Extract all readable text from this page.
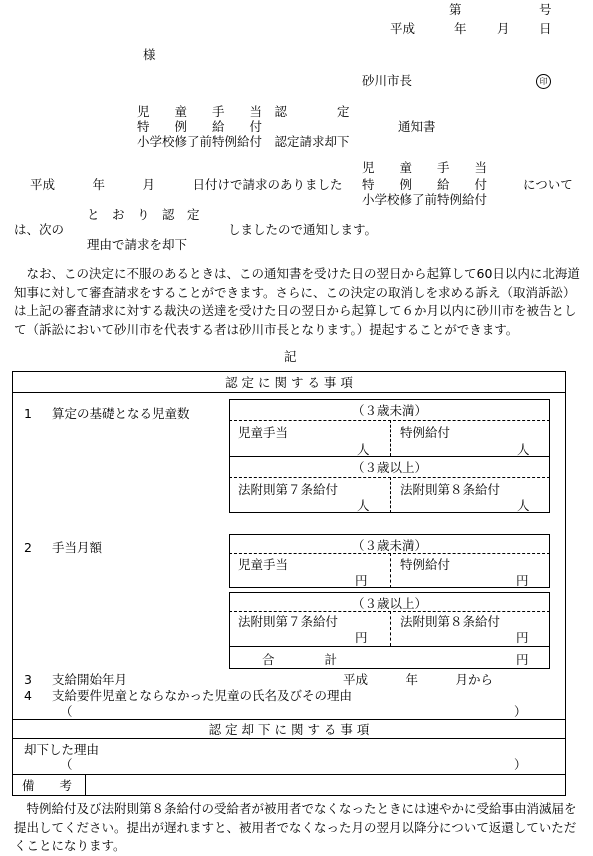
第	号
平成	年 月 日
様
砂川市長	印
児　　童　　手　　当　認　　　　定
特　　例　　給　　付	通知書
小学校修了前特例給付　認定請求却下
児　　童　　手　　当
平成　　　年　　　月　　　日付けで請求のありました 特　　例　　給　　付	について
小学校修了前特例給付
と　お　り　認　定
は、次の	しましたので通知します。
理由で請求を却下
　なお、この決定に不服のあるときは、この通知書を受けた日の翌日から起算して60日以内に北海道知事に対して審査請求をすることができます。さらに、この決定の取消しを求める訴え（取消訴訟）は上記の審査請求に対する裁決の送達を受けた日の翌日から起算して６か月以内に砂川市を被告として（訴訟において砂川市を代表する者は砂川市長となります。）提起することができます。
記
認 定 に 関 す る 事 項
1 算定の基礎となる児童数	（３歳未満）
児童手当	特例給付
人	人
（３歳以上）
法附則第７条給付	法附則第８条給付
人	人
2 手当月額	（３歳未満）
児童手当	特例給付
円	円
（３歳以上）
法附則第７条給付	法附則第８条給付
円	円
合　　　　計	円
3 支給開始年月	平成　　　年　　　月から
4 支給要件児童とならなかった児童の氏名及びその理由
（	）
認 定 却 下 に 関 す る 事 項
却下した理由
（	）
備　　考
　特例給付及び法附則第８条給付の受給者が被用者でなくなったときには速やかに受給事由消滅届を提出してください。提出が遅れますと、被用者でなくなった月の翌月以降分について返還していただくことになります。
